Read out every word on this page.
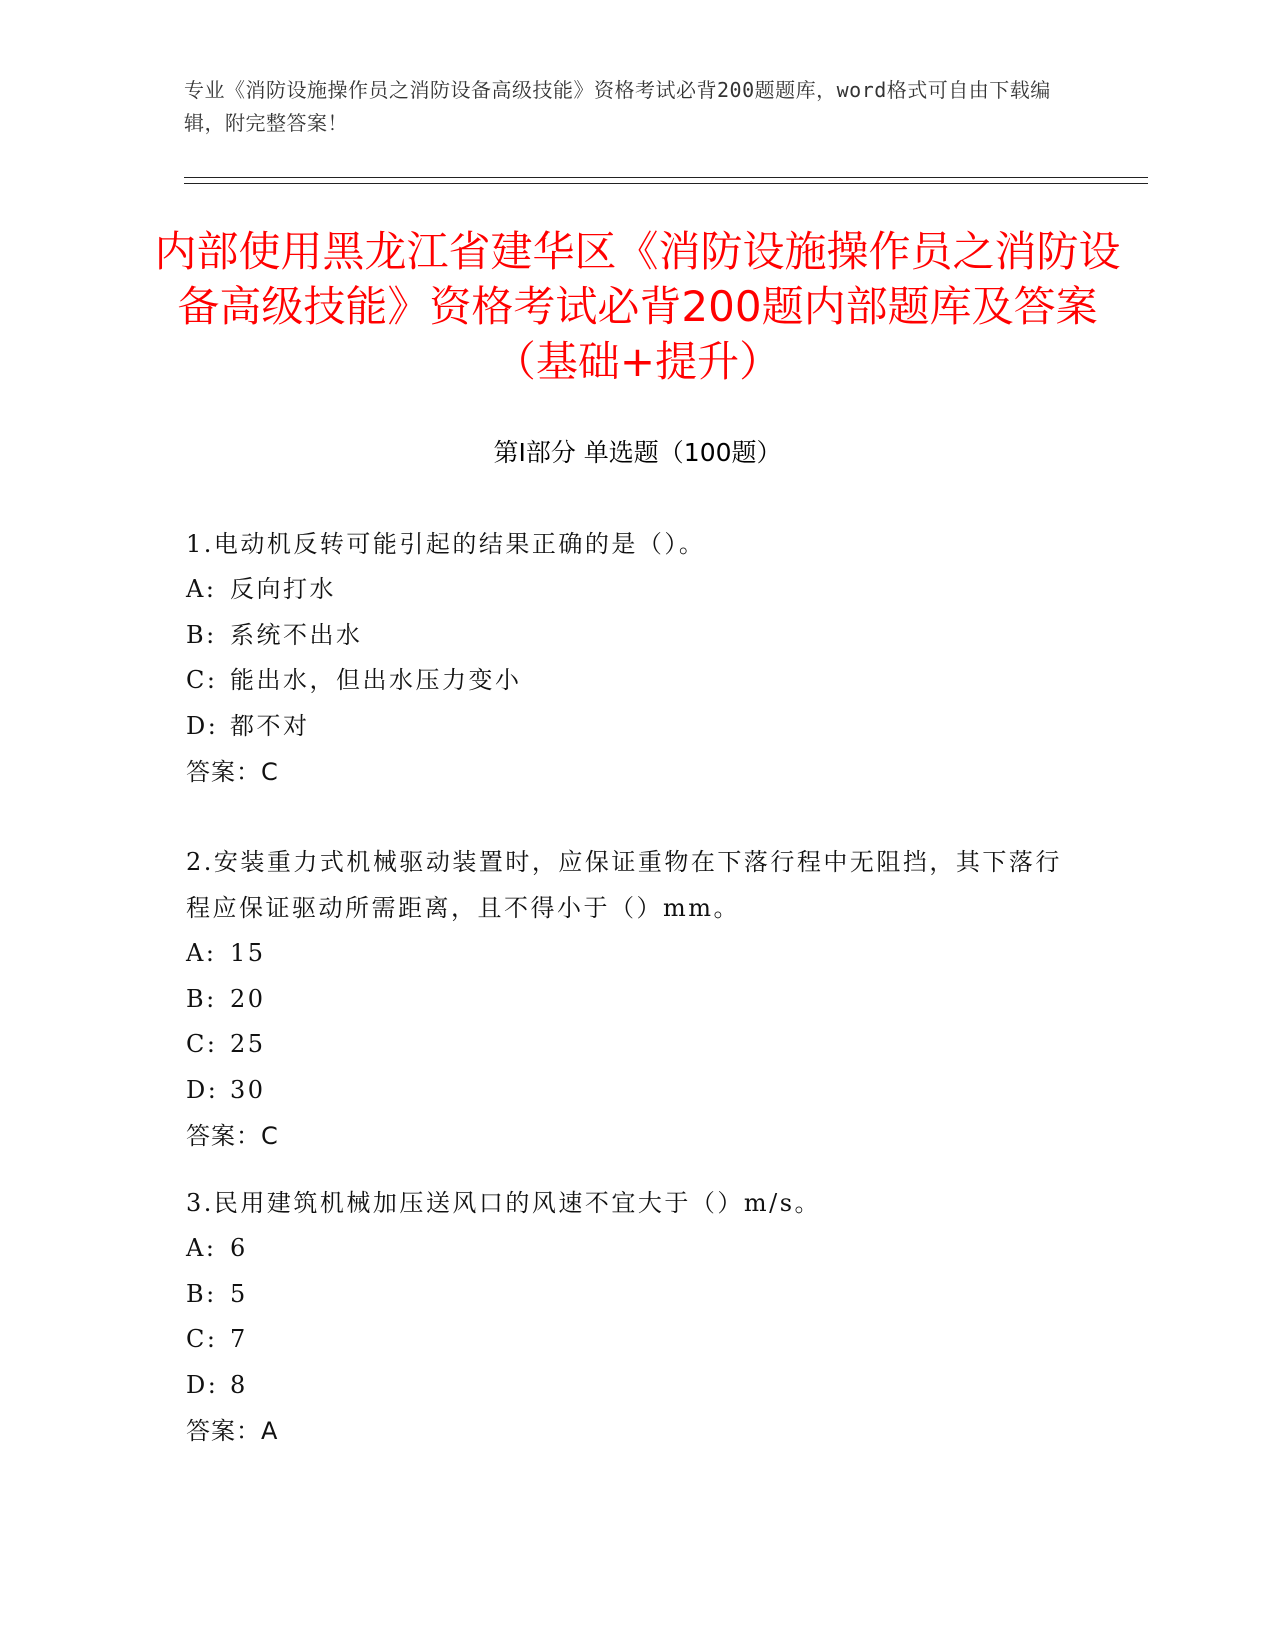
专业《消防设施操作员之消防设备高级技能》资格考试必背200题题库，word格式可自由下载编辑，附完整答案！
内部使用黑龙江省建华区《消防设施操作员之消防设备高级技能》资格考试必背200题内部题库及答案（基础+提升）
第Ⅰ部分 单选题（100题）

1.电动机反转可能引起的结果正确的是（）。

A: 反向打水

B: 系统不出水

C: 能出水，但出水压力变小

D: 都不对

答案：C

2.安装重力式机械驱动装置时，应保证重物在下落行程中无阻挡，其下落行程应保证驱动所需距离，且不得小于（）mm。

A: 15

B: 20

C: 25

D: 30

答案：C

3.民用建筑机械加压送风口的风速不宜大于（）m/s。

A: 6

B: 5

C: 7

D: 8

答案：A
